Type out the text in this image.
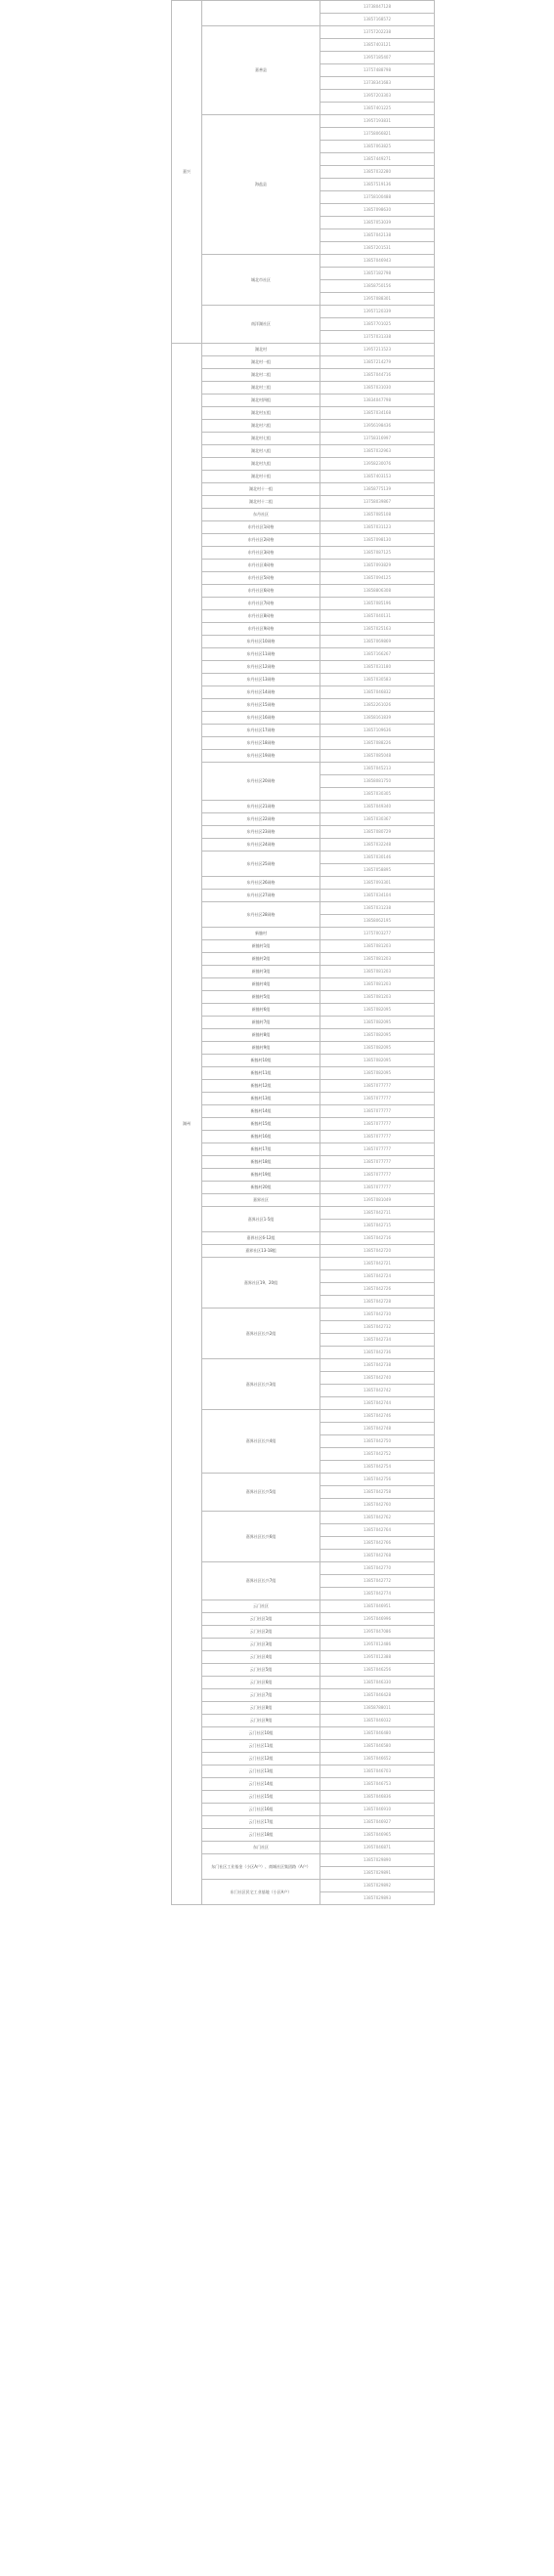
嘉兴		13738047128
		13857168572
	嘉善县	13757202238
		13857403121
		13957185407
		13757488798
		13738341683
		13957203303
		13857401225
	海盐县	13957193831
		13758066821
		13857063825
		13857449271
		13857032280
		13857519136
		13758100488
		13857098630
		13857053039
		13857042138
		13857201531
	城北市社区	13857046943
		13857182798
		13858750156
		13957088301
	南洋湖社区	13957120339
		13857701025
		13757031338
湖州	湖北村	13957211523
	湖北村一组	13857214279
	湖北村二组	13857044716
	湖北村三组	13857031030
	湖北村四组	13834047798
	湖北村五组	13857034168
	湖北村六组	13956198436
	湖北村七组	13758316997
	湖北村八组	13857032963
	湖北村九组	13958230076
	湖北村十组	13857403153
	湖北村十一组	13858775139
	湖北村十二组	13758039867
	东丹社区	13857085108
	东丹社区1网格	13857031123
	东丹社区2网格	13857098130
	东丹社区3网格	13857087125
	东丹社区4网格	13857093829
	东丹社区5网格	13857094125
	东丹社区6网格	13858806308
	东丹社区7网格	13857085196
	东丹社区8网格	13857040131
	东丹社区9网格	13857025163
	东丹社区10网格	13857069869
	东丹社区11网格	13857166267
	东丹社区12网格	13857031180
	东丹社区13网格	13857030583
	东丹社区14网格	13857046832
	东丹社区15网格	13852261026
	东丹社区16网格	13858161839
	东丹社区17网格	13857109636
	东丹社区18网格	13857088226
	东丹社区19网格	13857085048
	东丹社区20网格	13857045213
		13858081750
		13857030305
	东丹社区21网格	13857049340
	东丹社区22网格	13857030367
	东丹社区23网格	13857080729
	东丹社区24网格	13857032248
	东丹社区25网格	13857030146
		13857058895
	东丹社区26网格	13857093301
	东丹社区27网格	13857034104
	东丹社区28网格	13857031238
		13858062195
	新塍村	13757003277
	新塍村1组	13857081203
	新塍村2组	13857081203
	新塍村3组	13857081203
	新塍村4组	13857081203
	新塍村5组	13857081203
	新塍村6组	13857082095
	新塍村7组	13857082095
	新塍村8组	13857082095
	新塍村9组	13857082095
	新塍村10组	13857082095
	新塍村11组	13857082095
	新塍村12组	13857077777
	新塍村13组	13857077777
	新塍村14组	13857077777
	新塍村15组	13857077777
	新塍村16组	13857077777
	新塍村17组	13857077777
	新塍村18组	13857077777
	新塍村19组	13857077777
	新塍村20组	13857077777
	嘉界社区	13957081049
	嘉界社区1-5组	13857042711
		13857042715
	嘉界社区6-12组	13857042716
	嘉界社区13-18组	13857042720
	嘉界社区19、20组	13857042721
		13857042724
		13857042726
		13857042728
	嘉界社区长兴2组	13857042730
		13857042732
		13857042734
		13857042736
	嘉界社区长兴3组	13857042738
		13857042740
		13857042742
		13857042744
	嘉界社区长兴4组	13857042746
		13857042748
		13857042750
		13857042752
		13857042754
	嘉界社区长兴5组	13857042756
		13857042758
		13857042760
	嘉界社区长兴6组	13857042762
		13857042764
		13857042766
		13857042768
	嘉界社区长兴7组	13857042770
		13857042772
		13857042774
	云门社区	13857046951
	云门社区1组	13957046996
	云门社区2组	13957047086
	云门社区3组	13957012486
	云门社区4组	13957012388
	云门社区5组	13857046256
	云门社区6组	13857046330
	云门社区7组	13857046428
	云门社区8组	13858788011
	云门社区9组	13857046032
	云门社区10组	13857046480
	云门社区11组	13857046580
	云门社区12组	13857046652
	云门社区13组	13857046703
	云门社区14组	13857046753
	云门社区15组	13857046836
	云门社区16组	13857046910
	云门社区17组	13857046927
	云门社区18组	13857046965
	东门社区	13957046871
	东门社区工业基金（小区A户）、商城社区集团路（A户）	13857029890
		13857029891
	东门社区民宅工业基地（小区A户）	13857029892
		13857029893
